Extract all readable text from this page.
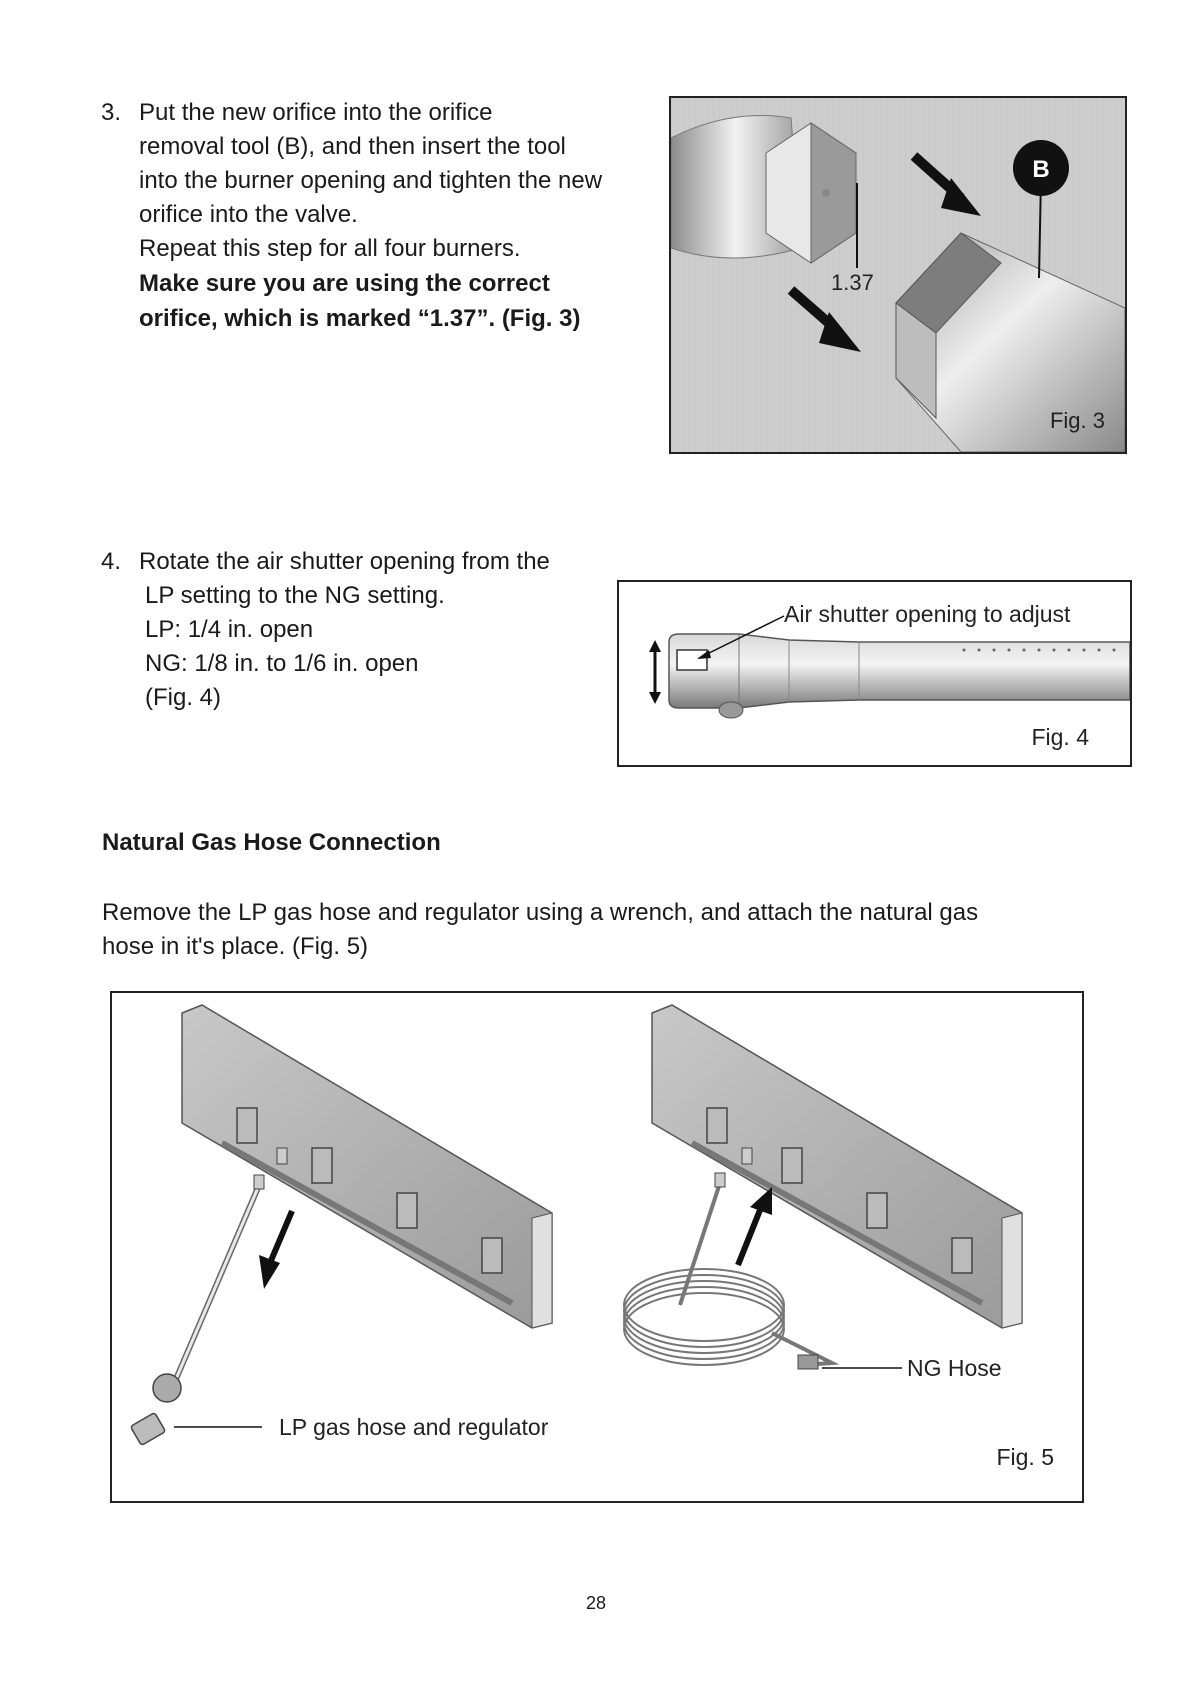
3. Put the new orifice into the orifice
removal tool (B), and then insert the tool
into the burner opening and tighten the new
orifice into the valve.
Repeat this step for all four burners.
Make sure you are using the correct
orifice, which is marked “1.37”. (Fig. 3)
1.37
B
Fig. 3
4. Rotate the air shutter opening from the
LP setting to the NG setting.
LP: 1/4 in. open
NG: 1/8 in. to 1/6 in. open
(Fig. 4)
Air shutter opening to adjust
Fig. 4
Natural Gas Hose Connection
Remove the LP gas hose and regulator using a wrench, and attach the natural gas
hose in it's place. (Fig. 5)
LP gas hose and regulator
NG Hose
Fig. 5
28
